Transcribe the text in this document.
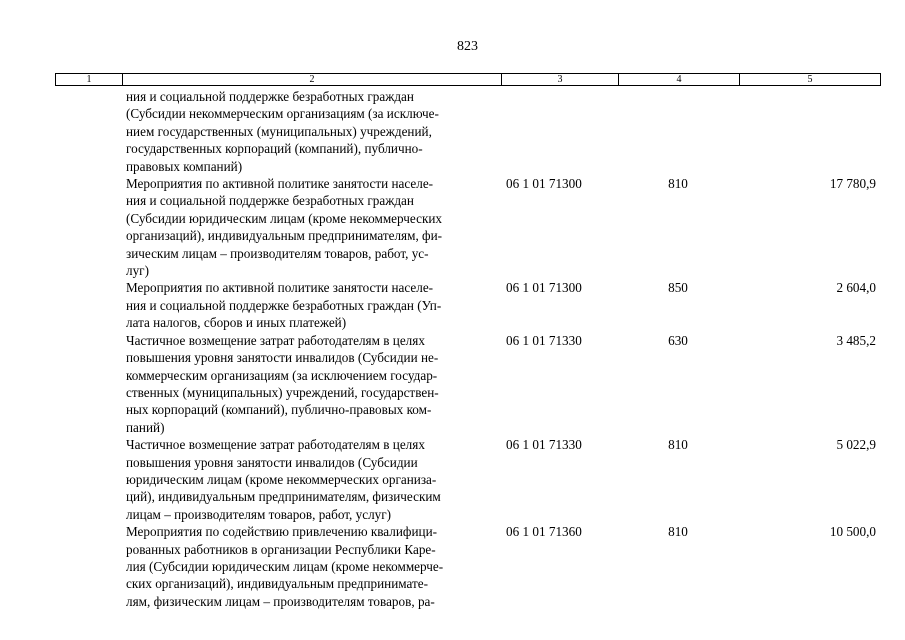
823
1	2	3	4	5
ния и социальной поддержке безработных граждан
(Субсидии некоммерческим организациям (за исключе-
нием государственных (муниципальных) учреждений,
государственных корпораций (компаний), публично-
правовых компаний)
Мероприятия по активной политике занятости населе-
ния и социальной поддержке безработных граждан
(Субсидии юридическим лицам (кроме некоммерческих
организаций), индивидуальным предпринимателям, фи-
зическим лицам – производителям товаров, работ, ус-
луг)
06 1 01 71300	810	17 780,9
Мероприятия по активной политике занятости населе-
ния и социальной поддержке безработных граждан (Уп-
лата налогов, сборов и иных платежей)
06 1 01 71300	850	2 604,0
Частичное возмещение затрат работодателям в целях
повышения уровня занятости инвалидов (Субсидии не-
коммерческим организациям (за исключением государ-
ственных (муниципальных) учреждений, государствен-
ных корпораций (компаний), публично-правовых ком-
паний)
06 1 01 71330	630	3 485,2
Частичное возмещение затрат работодателям в целях
повышения уровня занятости инвалидов (Субсидии
юридическим лицам (кроме некоммерческих организа-
ций), индивидуальным предпринимателям, физическим
лицам – производителям товаров, работ, услуг)
06 1 01 71330	810	5 022,9
Мероприятия по содействию привлечению квалифици-
рованных работников в организации Республики Каре-
лия (Субсидии юридическим лицам (кроме некоммерче-
ских организаций), индивидуальным предпринимате-
лям, физическим лицам – производителям товаров, ра-
06 1 01 71360	810	10 500,0
